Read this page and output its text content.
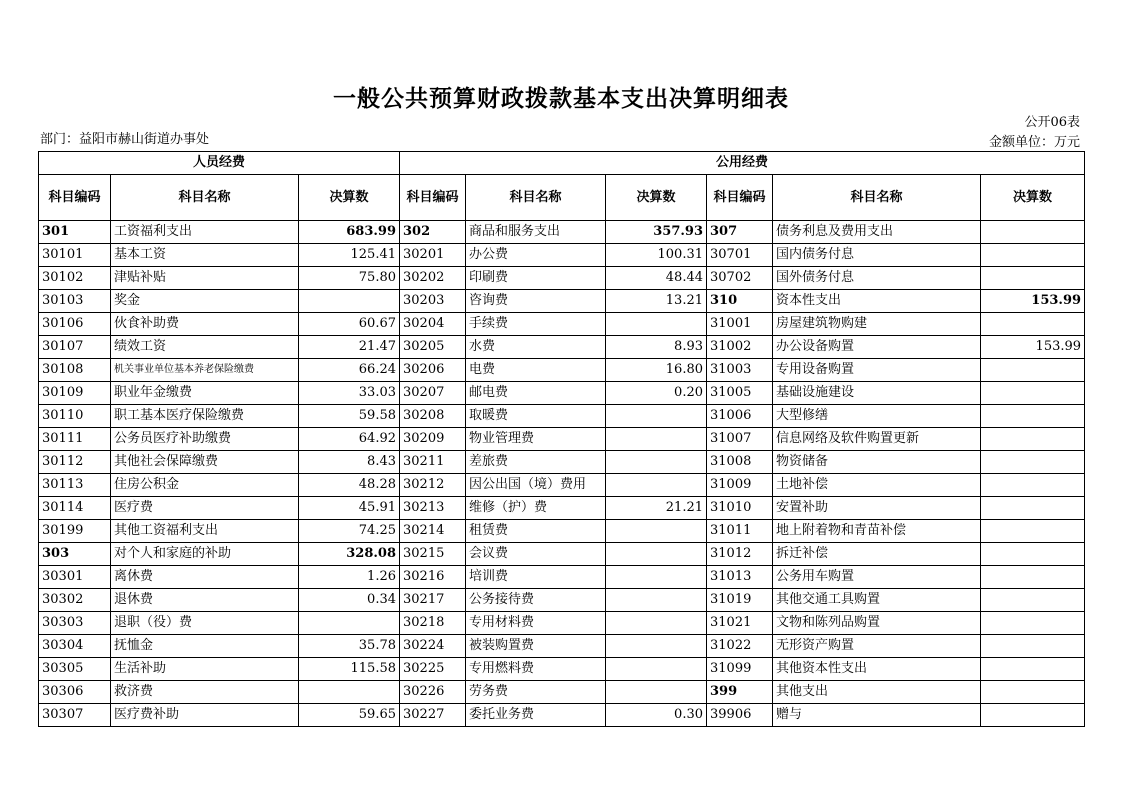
一般公共预算财政拨款基本支出决算明细表
公开06表
部门：益阳市赫山街道办事处	金额单位：万元
人员经费			公用经费					
科目编码	科目名称	决算数	科目编码	科目名称	决算数	科目编码	科目名称	决算数
301	工资福利支出	683.99	302	商品和服务支出	357.93	307	债务利息及费用支出	
30101	基本工资	125.41	30201	办公费	100.31	30701	国内债务付息	
30102	津贴补贴	75.80	30202	印刷费	48.44	30702	国外债务付息	
30103	奖金		30203	咨询费	13.21	310	资本性支出	153.99
30106	伙食补助费	60.67	30204	手续费		31001	房屋建筑物购建	
30107	绩效工资	21.47	30205	水费	8.93	31002	办公设备购置	153.99
30108	机关事业单位基本养老保险缴费	66.24	30206	电费	16.80	31003	专用设备购置	
30109	职业年金缴费	33.03	30207	邮电费	0.20	31005	基础设施建设	
30110	职工基本医疗保险缴费	59.58	30208	取暖费		31006	大型修缮	
30111	公务员医疗补助缴费	64.92	30209	物业管理费		31007	信息网络及软件购置更新	
30112	其他社会保障缴费	8.43	30211	差旅费		31008	物资储备	
30113	住房公积金	48.28	30212	因公出国（境）费用		31009	土地补偿	
30114	医疗费	45.91	30213	维修（护）费	21.21	31010	安置补助	
30199	其他工资福利支出	74.25	30214	租赁费		31011	地上附着物和青苗补偿	
303	对个人和家庭的补助	328.08	30215	会议费		31012	拆迁补偿	
30301	离休费	1.26	30216	培训费		31013	公务用车购置	
30302	退休费	0.34	30217	公务接待费		31019	其他交通工具购置	
30303	退职（役）费		30218	专用材料费		31021	文物和陈列品购置	
30304	抚恤金	35.78	30224	被装购置费		31022	无形资产购置	
30305	生活补助	115.58	30225	专用燃料费		31099	其他资本性支出	
30306	救济费		30226	劳务费		399	其他支出	
30307	医疗费补助	59.65	30227	委托业务费	0.30	39906	赠与	
